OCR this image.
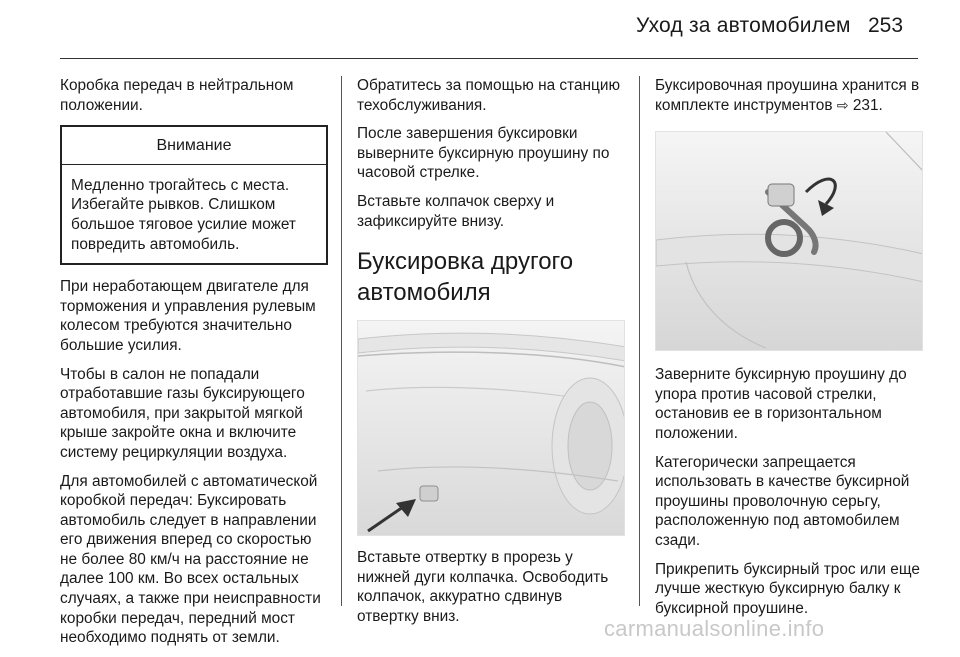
Уход за автомобилем 253

Коробка передач в нейтральном положении.

Внимание
Медленно трогайтесь с места. Избегайте рывков. Слишком большое тяговое усилие может повредить автомобиль.

При неработающем двигателе для торможения и управления рулевым колесом требуются значительно большие усилия.

Чтобы в салон не попадали отработавшие газы буксирующего автомобиля, при закрытой мягкой крыше закройте окна и включите систему рециркуляции воздуха.

Для автомобилей с автоматической коробкой передач: Буксировать автомобиль следует в направлении его движения вперед со скоростью не более 80 км/ч на расстояние не далее 100 км. Во всех остальных случаях, а также при неисправности коробки передач, передний мост необходимо поднять от земли.

Обратитесь за помощью на станцию техобслуживания.

После завершения буксировки выверните буксирную проушину по часовой стрелке.

Вставьте колпачок сверху и зафиксируйте внизу.

Буксировка другого автомобиля

Вставьте отвертку в прорезь у нижней дуги колпачка. Освободить колпачок, аккуратно сдвинув отвертку вниз.

Буксировочная проушина хранится в комплекте инструментов ⇨ 231.

Заверните буксирную проушину до упора против часовой стрелки, остановив ее в горизонтальном положении.

Категорически запрещается использовать в качестве буксирной проушины проволочную серьгу, расположенную под автомобилем сзади.

Прикрепить буксирный трос или еще лучше жесткую буксирную балку к буксирной проушине.

carmanualsonline.info
